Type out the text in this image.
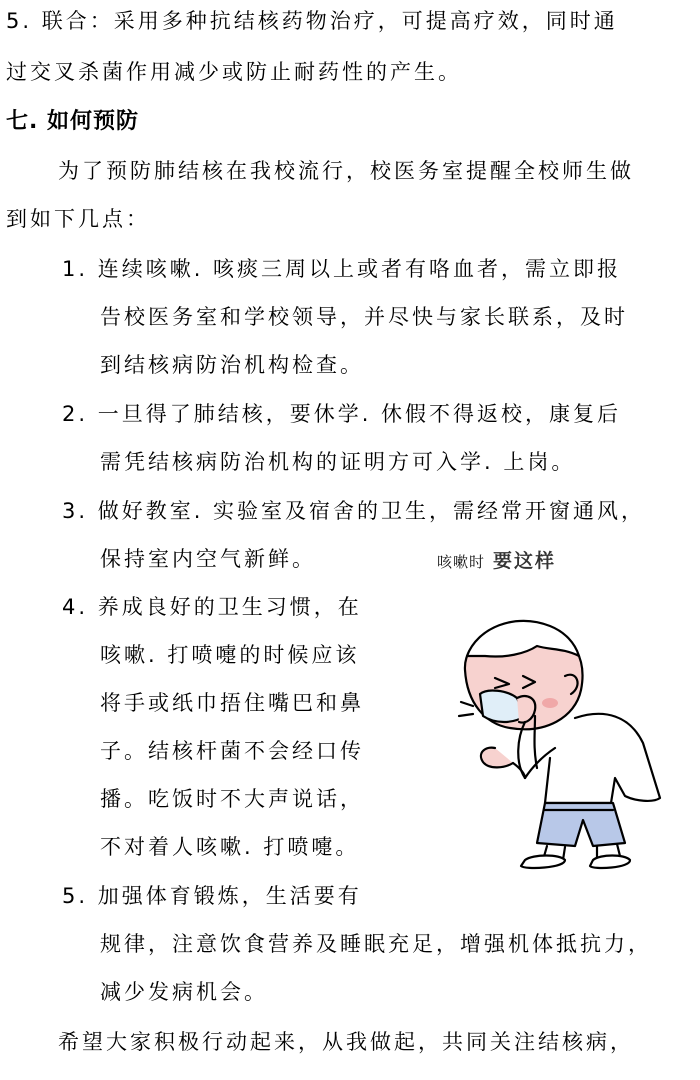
5. 联合：采用多种抗结核药物治疗，可提高疗效，同时通
过交叉杀菌作用减少或防止耐药性的产生。
七. 如何预防
为了预防肺结核在我校流行，校医务室提醒全校师生做
到如下几点：
1. 连续咳嗽. 咳痰三周以上或者有咯血者，需立即报
告校医务室和学校领导，并尽快与家长联系，及时
到结核病防治机构检查。
2. 一旦得了肺结核，要休学. 休假不得返校，康复后
需凭结核病防治机构的证明方可入学. 上岗。
3. 做好教室. 实验室及宿舍的卫生，需经常开窗通风，
保持室内空气新鲜。
4. 养成良好的卫生习惯，在
咳嗽. 打喷嚏的时候应该
将手或纸巾捂住嘴巴和鼻
子。结核杆菌不会经口传
播。吃饭时不大声说话，
不对着人咳嗽. 打喷嚏。
5. 加强体育锻炼，生活要有
规律，注意饮食营养及睡眠充足，增强机体抵抗力，
减少发病机会。
希望大家积极行动起来，从我做起，共同关注结核病，
咳嗽时 要这样
